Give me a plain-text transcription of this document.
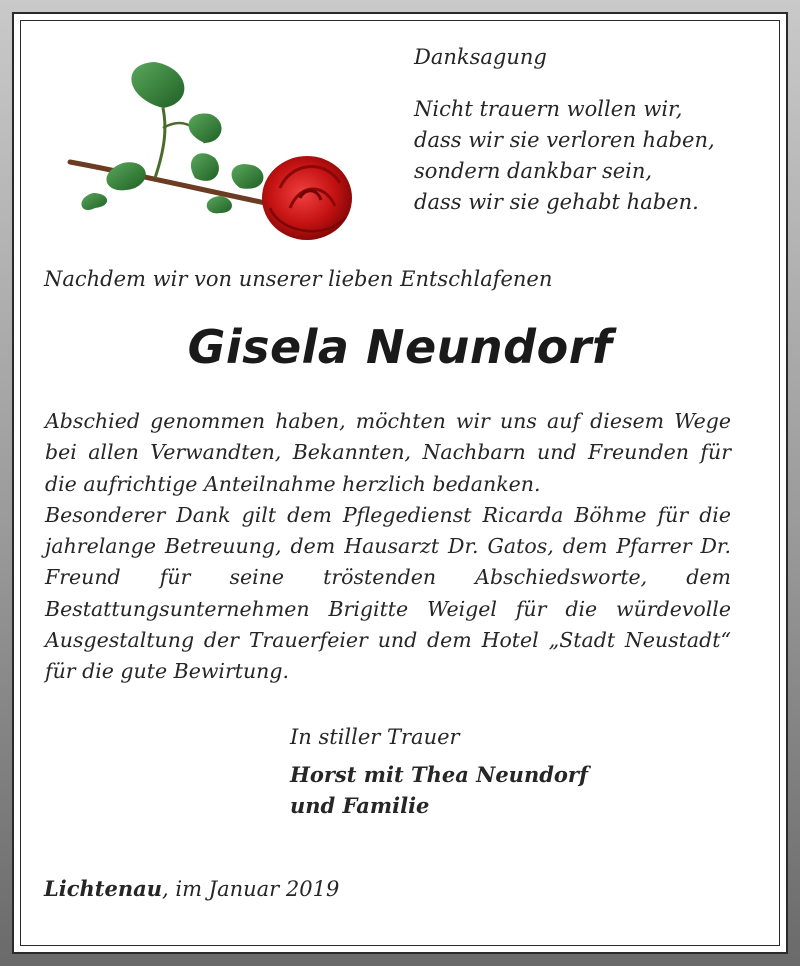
Danksagung
Nicht trauern wollen wir,
dass wir sie verloren haben,
sondern dankbar sein,
dass wir sie gehabt haben.
Nachdem wir von unserer lieben Entschlafenen
Gisela Neundorf

Abschied genommen haben, möchten wir uns auf diesem Wege bei allen Verwandten, Bekannten, Nachbarn und Freunden für die aufrichtige Anteilnahme herzlich bedanken.

Besonderer Dank gilt dem Pflegedienst Ricarda Böhme für die jahrelange Betreuung, dem Hausarzt Dr. Gatos, dem Pfarrer Dr. Freund für seine tröstenden Abschiedsworte, dem Bestattungsunternehmen Brigitte Weigel für die würdevolle Ausgestaltung der Trauerfeier und dem Hotel „Stadt Neustadt“ für die gute Bewirtung.

In stiller Trauer
Horst mit Thea Neundorf
und Familie
Lichtenau, im Januar 2019
